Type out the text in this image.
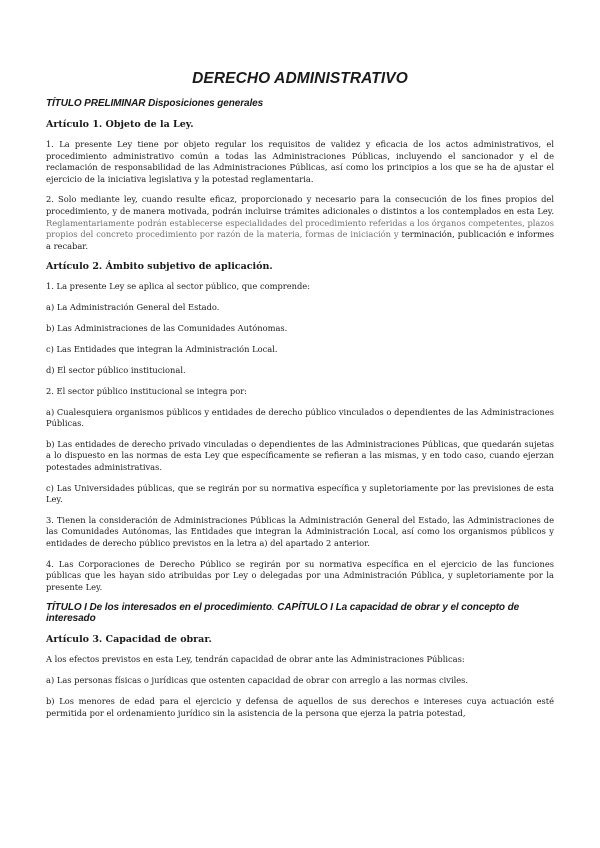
DERECHO ADMINISTRATIVO
TÍTULO PRELIMINAR Disposiciones generales
Artículo 1. Objeto de la Ley.

1. La presente Ley tiene por objeto regular los requisitos de validez y eficacia de los actos administrativos, el procedimiento administrativo común a todas las Administraciones Públicas, incluyendo el sancionador y el de reclamación de responsabilidad de las Administraciones Públicas, así como los principios a los que se ha de ajustar el ejercicio de la iniciativa legislativa y la potestad reglamentaria.

2. Solo mediante ley, cuando resulte eficaz, proporcionado y necesario para la consecución de los fines propios del procedimiento, y de manera motivada, podrán incluirse trámites adicionales o distintos a los contemplados en esta Ley. Reglamentariamente podrán establecerse especialidades del procedimiento referidas a los órganos competentes, plazos propios del concreto procedimiento por razón de la materia, formas de iniciación y terminación, publicación e informes a recabar.

Artículo 2. Ámbito subjetivo de aplicación.

1. La presente Ley se aplica al sector público, que comprende:

a) La Administración General del Estado.

b) Las Administraciones de las Comunidades Autónomas.

c) Las Entidades que integran la Administración Local.

d) El sector público institucional.

2. El sector público institucional se integra por:

a) Cualesquiera organismos públicos y entidades de derecho público vinculados o dependientes de las Administraciones Públicas.

b) Las entidades de derecho privado vinculadas o dependientes de las Administraciones Públicas, que quedarán sujetas a lo dispuesto en las normas de esta Ley que específicamente se refieran a las mismas, y en todo caso, cuando ejerzan potestades administrativas.

c) Las Universidades públicas, que se regirán por su normativa específica y supletoriamente por las previsiones de esta Ley.

3. Tienen la consideración de Administraciones Públicas la Administración General del Estado, las Administraciones de las Comunidades Autónomas, las Entidades que integran la Administración Local, así como los organismos públicos y entidades de derecho público previstos en la letra a) del apartado 2 anterior.

4. Las Corporaciones de Derecho Público se regirán por su normativa específica en el ejercicio de las funciones públicas que les hayan sido atribuidas por Ley o delegadas por una Administración Pública, y supletoriamente por la presente Ley.

TÍTULO I De los interesados en el procedimiento. CAPÍTULO I La capacidad de obrar y el concepto de interesado
Artículo 3. Capacidad de obrar.

A los efectos previstos en esta Ley, tendrán capacidad de obrar ante las Administraciones Públicas:

a) Las personas físicas o jurídicas que ostenten capacidad de obrar con arreglo a las normas civiles.

b) Los menores de edad para el ejercicio y defensa de aquellos de sus derechos e intereses cuya actuación esté permitida por el ordenamiento jurídico sin la asistencia de la persona que ejerza la patria potestad,
